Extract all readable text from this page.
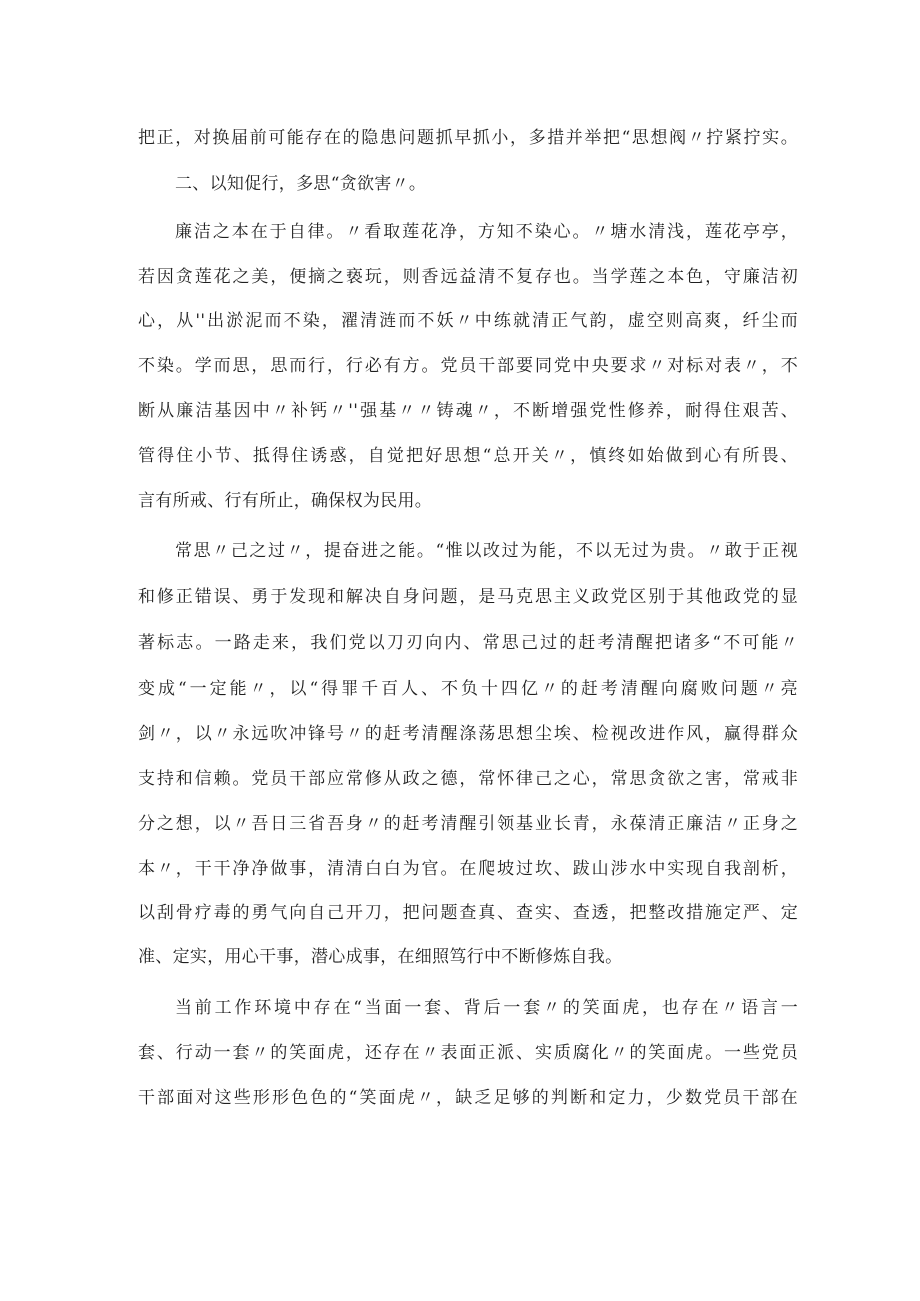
把正，对换届前可能存在的隐患问题抓早抓小，多措并举把“思想阀〃拧紧拧实。
二、以知促行，多思“贪欲害〃。
廉洁之本在于自律。〃看取莲花净，方知不染心。〃塘水清浅，莲花亭亭，
若因贪莲花之美，便摘之亵玩，则香远益清不复存也。当学莲之本色，守廉洁初
心，从''出淤泥而不染，濯清涟而不妖〃中练就清正气韵，虚空则高爽，纤尘而
不染。学而思，思而行，行必有方。党员干部要同党中央要求〃对标对表〃，不
断从廉洁基因中〃补钙〃''强基〃〃铸魂〃，不断增强党性修养，耐得住艰苦、
管得住小节、抵得住诱惑，自觉把好思想“总开关〃，慎终如始做到心有所畏、
言有所戒、行有所止，确保权为民用。
常思〃己之过〃，提奋进之能。“惟以改过为能，不以无过为贵。〃敢于正视
和修正错误、勇于发现和解决自身问题，是马克思主义政党区别于其他政党的显
著标志。一路走来，我们党以刀刃向内、常思己过的赶考清醒把诸多“不可能〃
变成“一定能〃，以“得罪千百人、不负十四亿〃的赶考清醒向腐败问题〃亮
剑〃，以〃永远吹冲锋号〃的赶考清醒涤荡思想尘埃、检视改进作风，赢得群众
支持和信赖。党员干部应常修从政之德，常怀律己之心，常思贪欲之害，常戒非
分之想，以〃吾日三省吾身〃的赶考清醒引领基业长青，永葆清正廉洁〃正身之
本〃，干干净净做事，清清白白为官。在爬坡过坎、跋山涉水中实现自我剖析，
以刮骨疗毒的勇气向自己开刀，把问题查真、查实、查透，把整改措施定严、定
准、定实，用心干事，潜心成事，在细照笃行中不断修炼自我。
当前工作环境中存在“当面一套、背后一套〃的笑面虎，也存在〃语言一
套、行动一套〃的笑面虎，还存在〃表面正派、实质腐化〃的笑面虎。一些党员
干部面对这些形形色色的“笑面虎〃，缺乏足够的判断和定力，少数党员干部在
